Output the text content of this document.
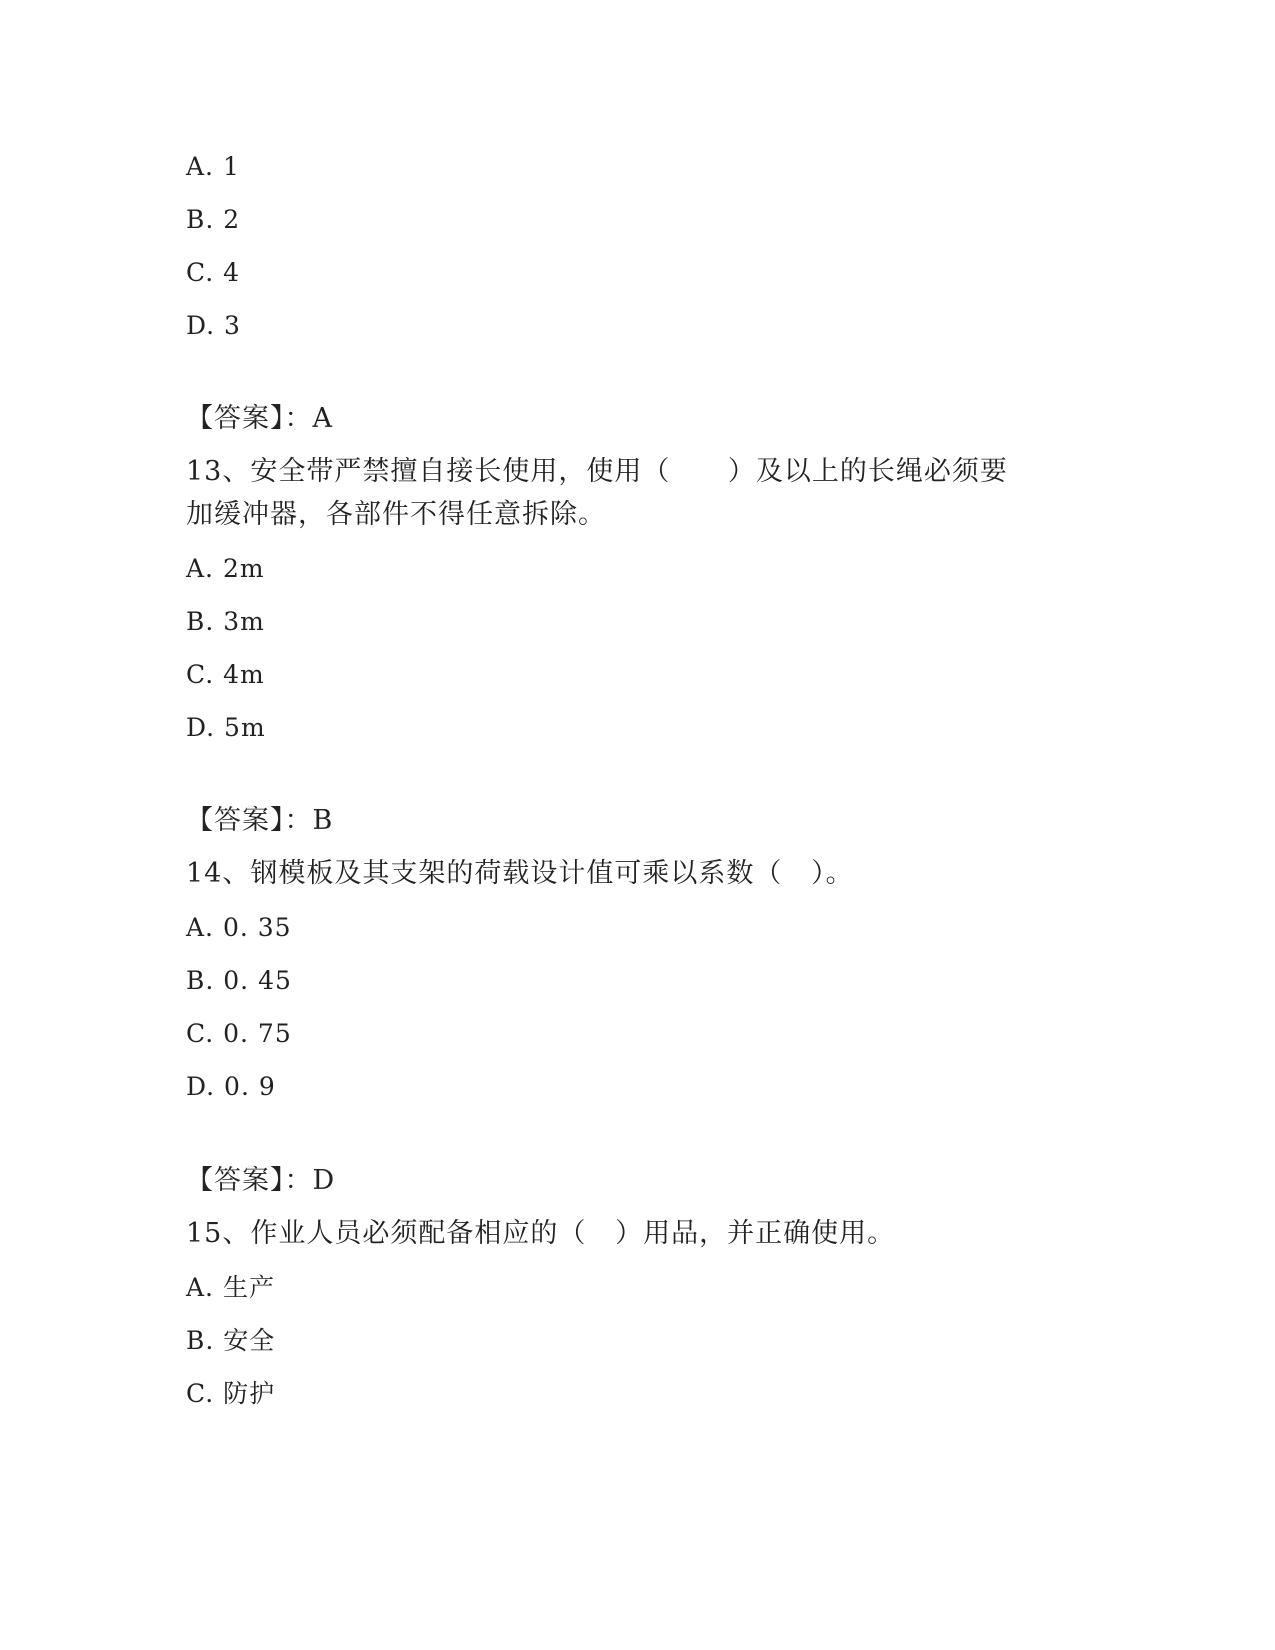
A. 1
B. 2
C. 4
D. 3
【答案】：A
13、安全带严禁擅自接长使用，使用（      ）及以上的长绳必须要
加缓冲器，各部件不得任意拆除。
A. 2m
B. 3m
C. 4m
D. 5m
【答案】：B
14、钢模板及其支架的荷载设计值可乘以系数（   ）。
A. 0. 35
B. 0. 45
C. 0. 75
D. 0. 9
【答案】：D
15、作业人员必须配备相应的（   ）用品，并正确使用。
A. 生产
B. 安全
C. 防护
